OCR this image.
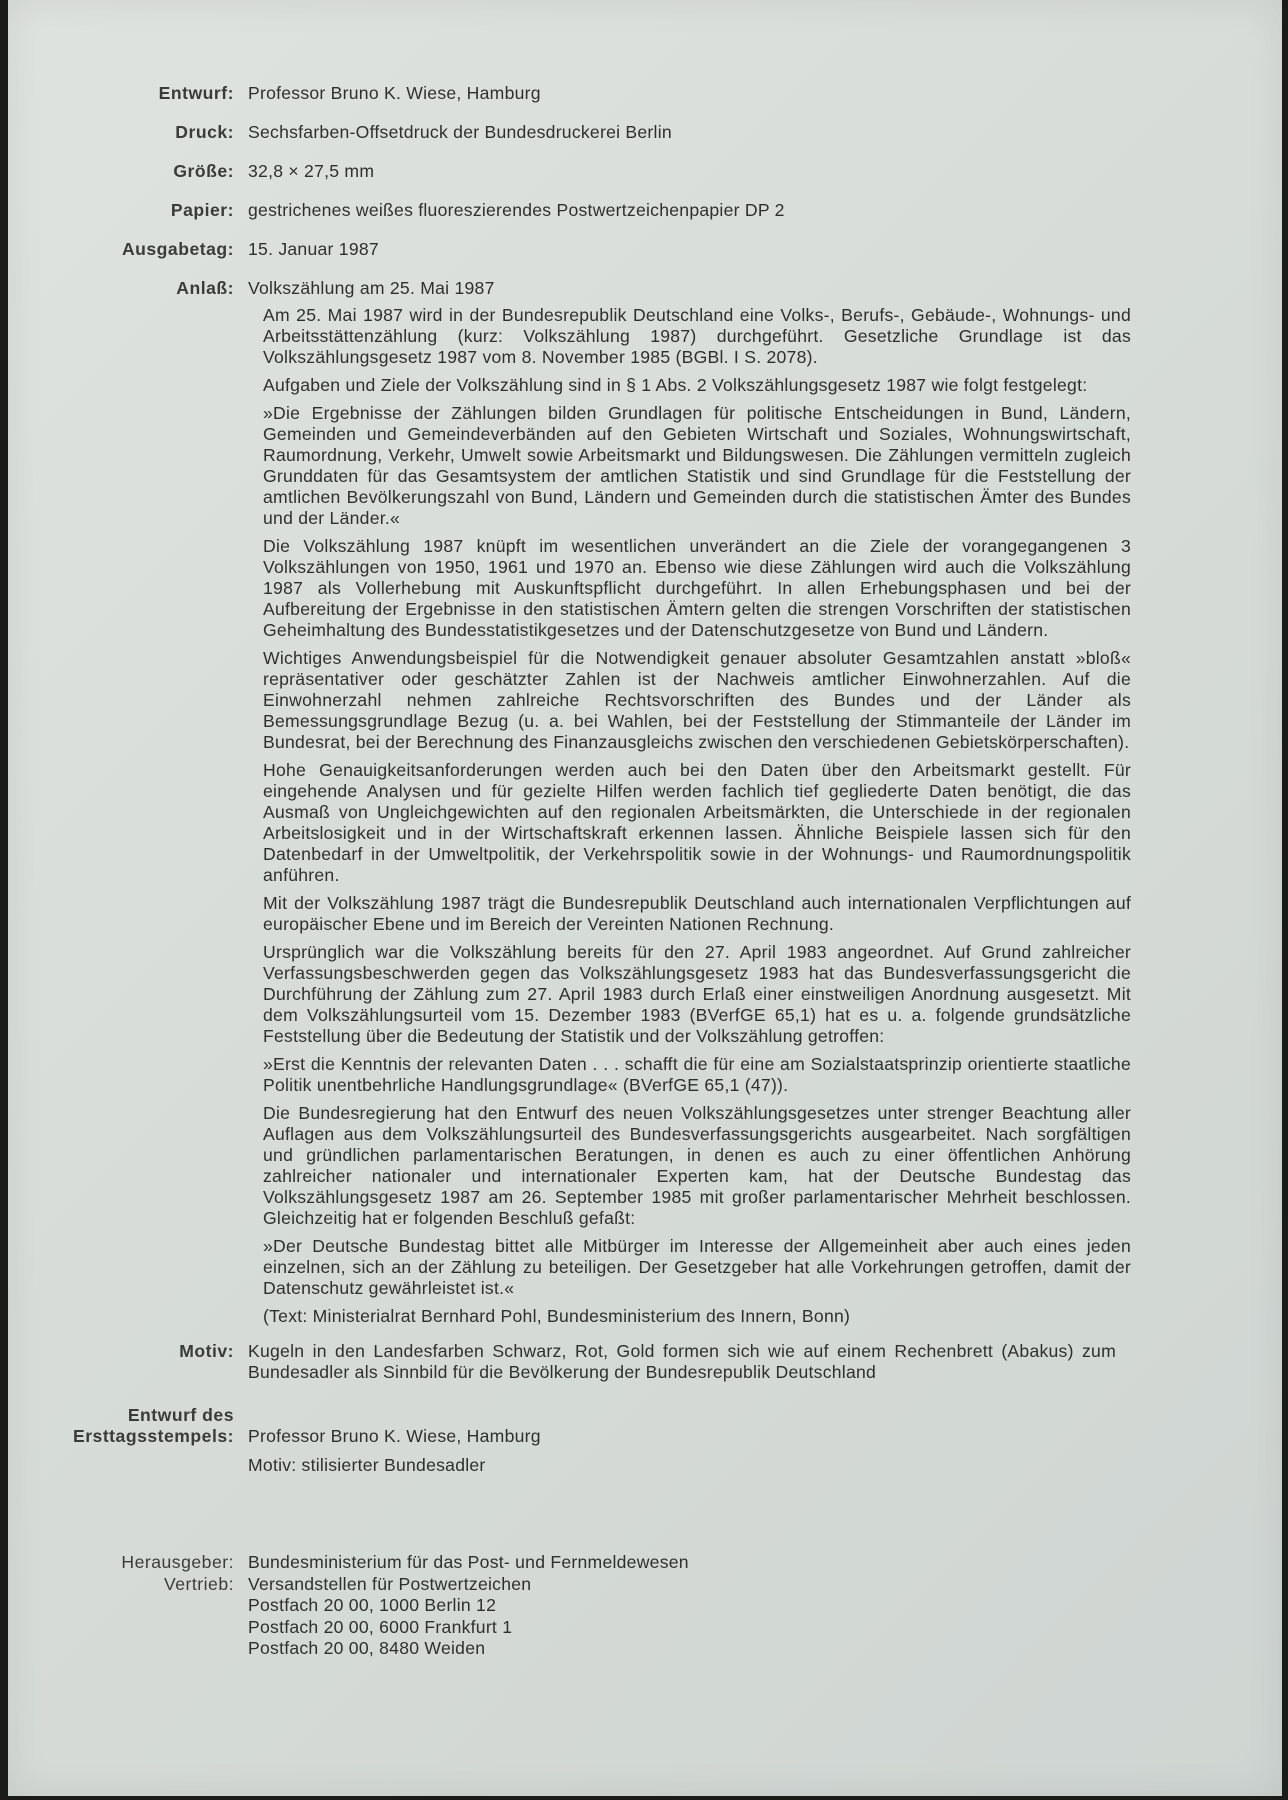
Entwurf: Professor Bruno K. Wiese, Hamburg
Druck: Sechsfarben-Offsetdruck der Bundesdruckerei Berlin
Größe: 32,8 × 27,5 mm
Papier: gestrichenes weißes fluoreszierendes Postwertzeichenpapier DP 2
Ausgabetag: 15. Januar 1987
Anlaß: Volkszählung am 25. Mai 1987

Am 25. Mai 1987 wird in der Bundesrepublik Deutschland eine Volks-, Berufs-, Gebäude-, Wohnungs- und Arbeitsstättenzählung (kurz: Volkszählung 1987) durchgeführt. Gesetzliche Grundlage ist das Volkszählungsgesetz 1987 vom 8. November 1985 (BGBl. I S. 2078).

Aufgaben und Ziele der Volkszählung sind in § 1 Abs. 2 Volkszählungsgesetz 1987 wie folgt festgelegt:

»Die Ergebnisse der Zählungen bilden Grundlagen für politische Entscheidungen in Bund, Ländern, Gemeinden und Gemeindeverbänden auf den Gebieten Wirtschaft und Soziales, Wohnungswirtschaft, Raumordnung, Verkehr, Umwelt sowie Arbeitsmarkt und Bildungswesen. Die Zählungen vermitteln zugleich Grunddaten für das Gesamtsystem der amtlichen Statistik und sind Grundlage für die Feststellung der amtlichen Bevölkerungszahl von Bund, Ländern und Gemeinden durch die statistischen Ämter des Bundes und der Länder.«

Die Volkszählung 1987 knüpft im wesentlichen unverändert an die Ziele der vorangegangenen 3 Volkszählungen von 1950, 1961 und 1970 an. Ebenso wie diese Zählungen wird auch die Volkszählung 1987 als Vollerhebung mit Auskunftspflicht durchgeführt. In allen Erhebungsphasen und bei der Aufbereitung der Ergebnisse in den statistischen Ämtern gelten die strengen Vorschriften der statistischen Geheimhaltung des Bundesstatistikgesetzes und der Datenschutzgesetze von Bund und Ländern.

Wichtiges Anwendungsbeispiel für die Notwendigkeit genauer absoluter Gesamtzahlen anstatt »bloß« repräsentativer oder geschätzter Zahlen ist der Nachweis amtlicher Einwohnerzahlen. Auf die Einwohnerzahl nehmen zahlreiche Rechtsvorschriften des Bundes und der Länder als Bemessungsgrundlage Bezug (u. a. bei Wahlen, bei der Feststellung der Stimmanteile der Länder im Bundesrat, bei der Berechnung des Finanzausgleichs zwischen den verschiedenen Gebietskörperschaften).

Hohe Genauigkeitsanforderungen werden auch bei den Daten über den Arbeitsmarkt gestellt. Für eingehende Analysen und für gezielte Hilfen werden fachlich tief gegliederte Daten benötigt, die das Ausmaß von Ungleichgewichten auf den regionalen Arbeitsmärkten, die Unterschiede in der regionalen Arbeitslosigkeit und in der Wirtschaftskraft erkennen lassen. Ähnliche Beispiele lassen sich für den Datenbedarf in der Umweltpolitik, der Verkehrspolitik sowie in der Wohnungs- und Raumordnungspolitik anführen.

Mit der Volkszählung 1987 trägt die Bundesrepublik Deutschland auch internationalen Verpflichtungen auf europäischer Ebene und im Bereich der Vereinten Nationen Rechnung.

Ursprünglich war die Volkszählung bereits für den 27. April 1983 angeordnet. Auf Grund zahlreicher Verfassungsbeschwerden gegen das Volkszählungsgesetz 1983 hat das Bundesverfassungsgericht die Durchführung der Zählung zum 27. April 1983 durch Erlaß einer einstweiligen Anordnung ausgesetzt. Mit dem Volkszählungsurteil vom 15. Dezember 1983 (BVerfGE 65,1) hat es u. a. folgende grundsätzliche Feststellung über die Bedeutung der Statistik und der Volkszählung getroffen:

»Erst die Kenntnis der relevanten Daten . . . schafft die für eine am Sozialstaatsprinzip orientierte staatliche Politik unentbehrliche Handlungsgrundlage« (BVerfGE 65,1 (47)).

Die Bundesregierung hat den Entwurf des neuen Volkszählungsgesetzes unter strenger Beachtung aller Auflagen aus dem Volkszählungsurteil des Bundesverfassungsgerichts ausgearbeitet. Nach sorgfältigen und gründlichen parlamentarischen Beratungen, in denen es auch zu einer öffentlichen Anhörung zahlreicher nationaler und internationaler Experten kam, hat der Deutsche Bundestag das Volkszählungsgesetz 1987 am 26. September 1985 mit großer parlamentarischer Mehrheit beschlossen. Gleichzeitig hat er folgenden Beschluß gefaßt:

»Der Deutsche Bundestag bittet alle Mitbürger im Interesse der Allgemeinheit aber auch eines jeden einzelnen, sich an der Zählung zu beteiligen. Der Gesetzgeber hat alle Vorkehrungen getroffen, damit der Datenschutz gewährleistet ist.«

(Text: Ministerialrat Bernhard Pohl, Bundesministerium des Innern, Bonn)

Motiv: Kugeln in den Landesfarben Schwarz, Rot, Gold formen sich wie auf einem Rechenbrett (Abakus) zum Bundesadler als Sinnbild für die Bevölkerung der Bundesrepublik Deutschland
Entwurf des
Ersttagsstempels: Professor Bruno K. Wiese, Hamburg
Motiv: stilisierter Bundesadler
Herausgeber:
Vertrieb:
Bundesministerium für das Post- und Fernmeldewesen
Versandstellen für Postwertzeichen
Postfach 20 00, 1000 Berlin 12
Postfach 20 00, 6000 Frankfurt 1
Postfach 20 00, 8480 Weiden
